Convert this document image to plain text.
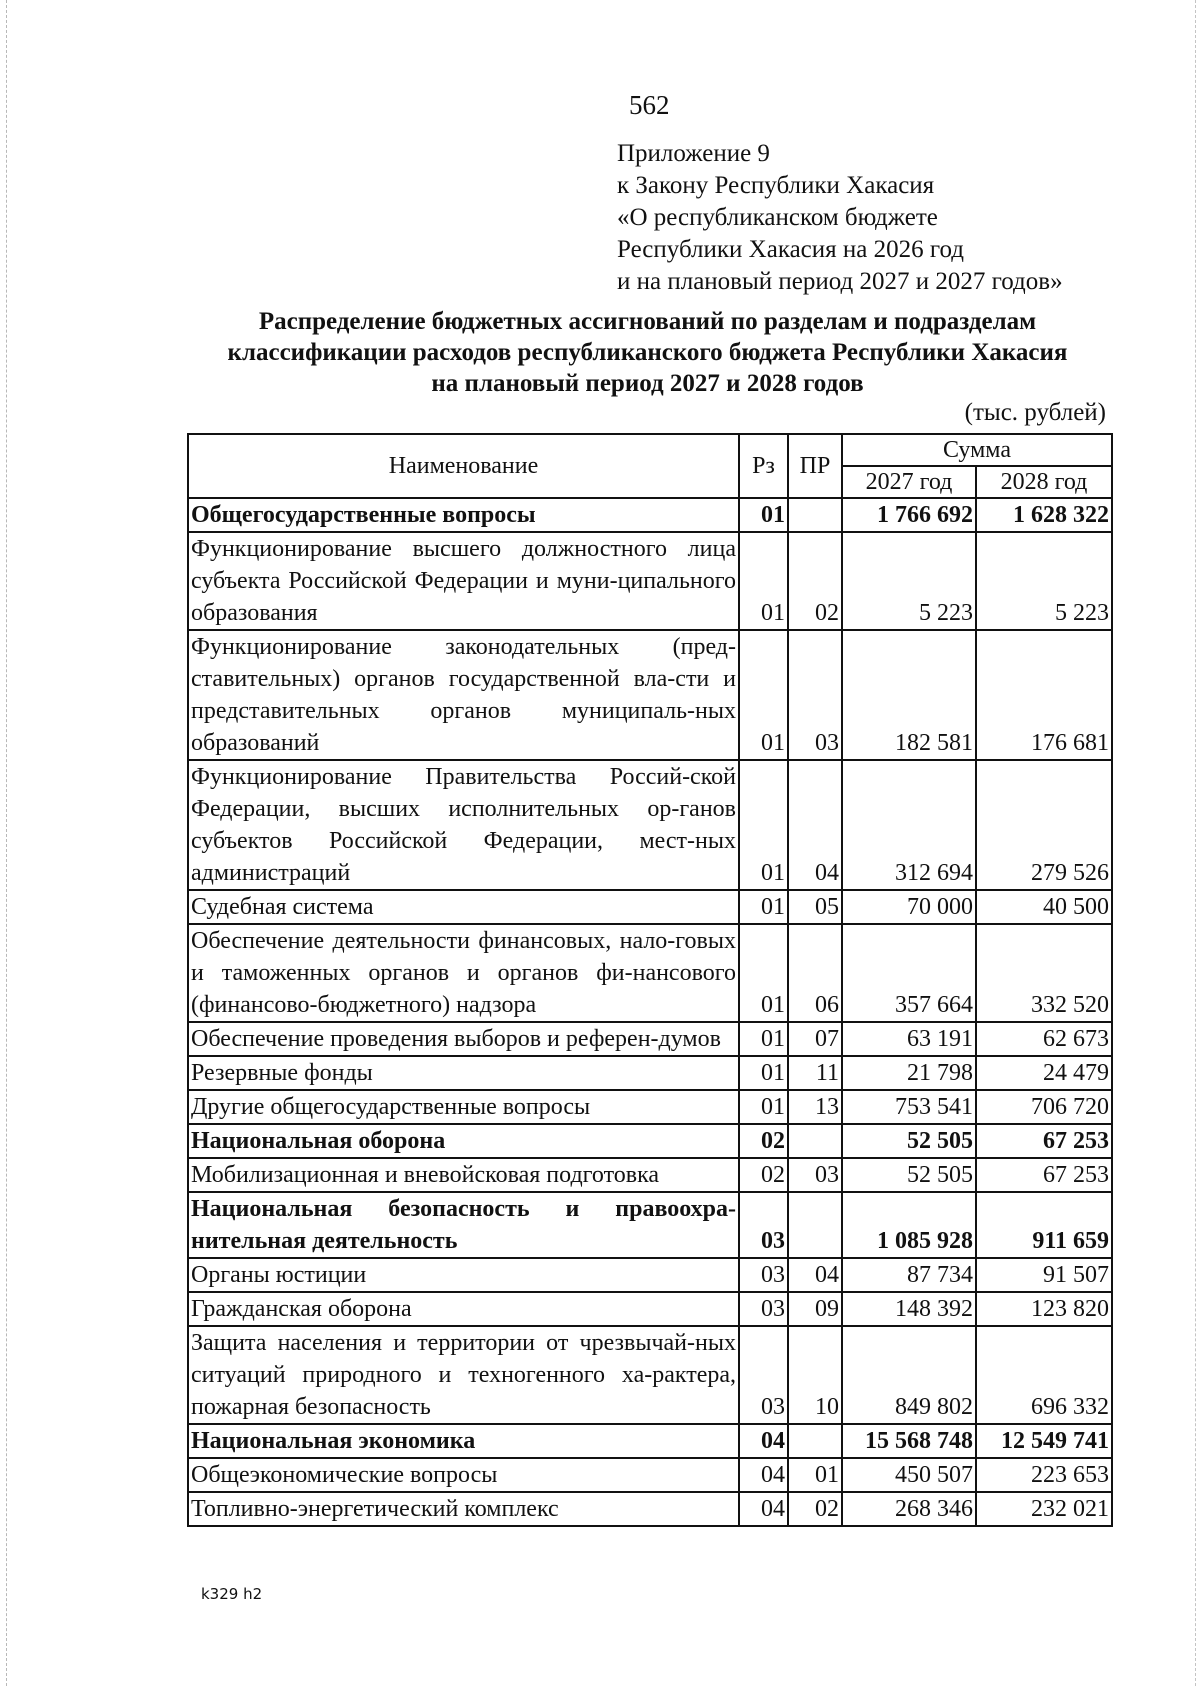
562
Приложение 9
к Закону Республики Хакасия
«О республиканском бюджете
Республики Хакасия на 2026 год
и на плановый период 2027 и 2027 годов»
Распределение бюджетных ассигнований по разделам и подразделам
классификации расходов республиканского бюджета Республики Хакасия
на плановый период 2027 и 2028 годов
(тыс. рублей)
Наименование	Рз	ПР	Сумма	
			2027 год	2028 год
Общегосударственные вопросы	01		1 766 692	1 628 322
Функционирование высшего должностного лица субъекта Российской Федерации и муни-ципального образования	01	02	5 223	5 223
Функционирование законодательных (пред-ставительных) органов государственной вла-сти и представительных органов муниципаль-ных образований	01	03	182 581	176 681
Функционирование Правительства Россий-ской Федерации, высших исполнительных ор-ганов субъектов Российской Федерации, мест-ных администраций	01	04	312 694	279 526
Судебная система	01	05	70 000	40 500
Обеспечение деятельности финансовых, нало-говых и таможенных органов и органов фи-нансового (финансово-бюджетного) надзора	01	06	357 664	332 520
Обеспечение проведения выборов и референ-думов	01	07	63 191	62 673
Резервные фонды	01	11	21 798	24 479
Другие общегосударственные вопросы	01	13	753 541	706 720
Национальная оборона	02		52 505	67 253
Мобилизационная и вневойсковая подготовка	02	03	52 505	67 253
Национальная безопасность и правоохра-нительная деятельность	03		1 085 928	911 659
Органы юстиции	03	04	87 734	91 507
Гражданская оборона	03	09	148 392	123 820
Защита населения и территории от чрезвычай-ных ситуаций природного и техногенного ха-рактера, пожарная безопасность	03	10	849 802	696 332
Национальная экономика	04		15 568 748	12 549 741
Общеэкономические вопросы	04	01	450 507	223 653
Топливно-энергетический комплекс	04	02	268 346	232 021
k329 h2
